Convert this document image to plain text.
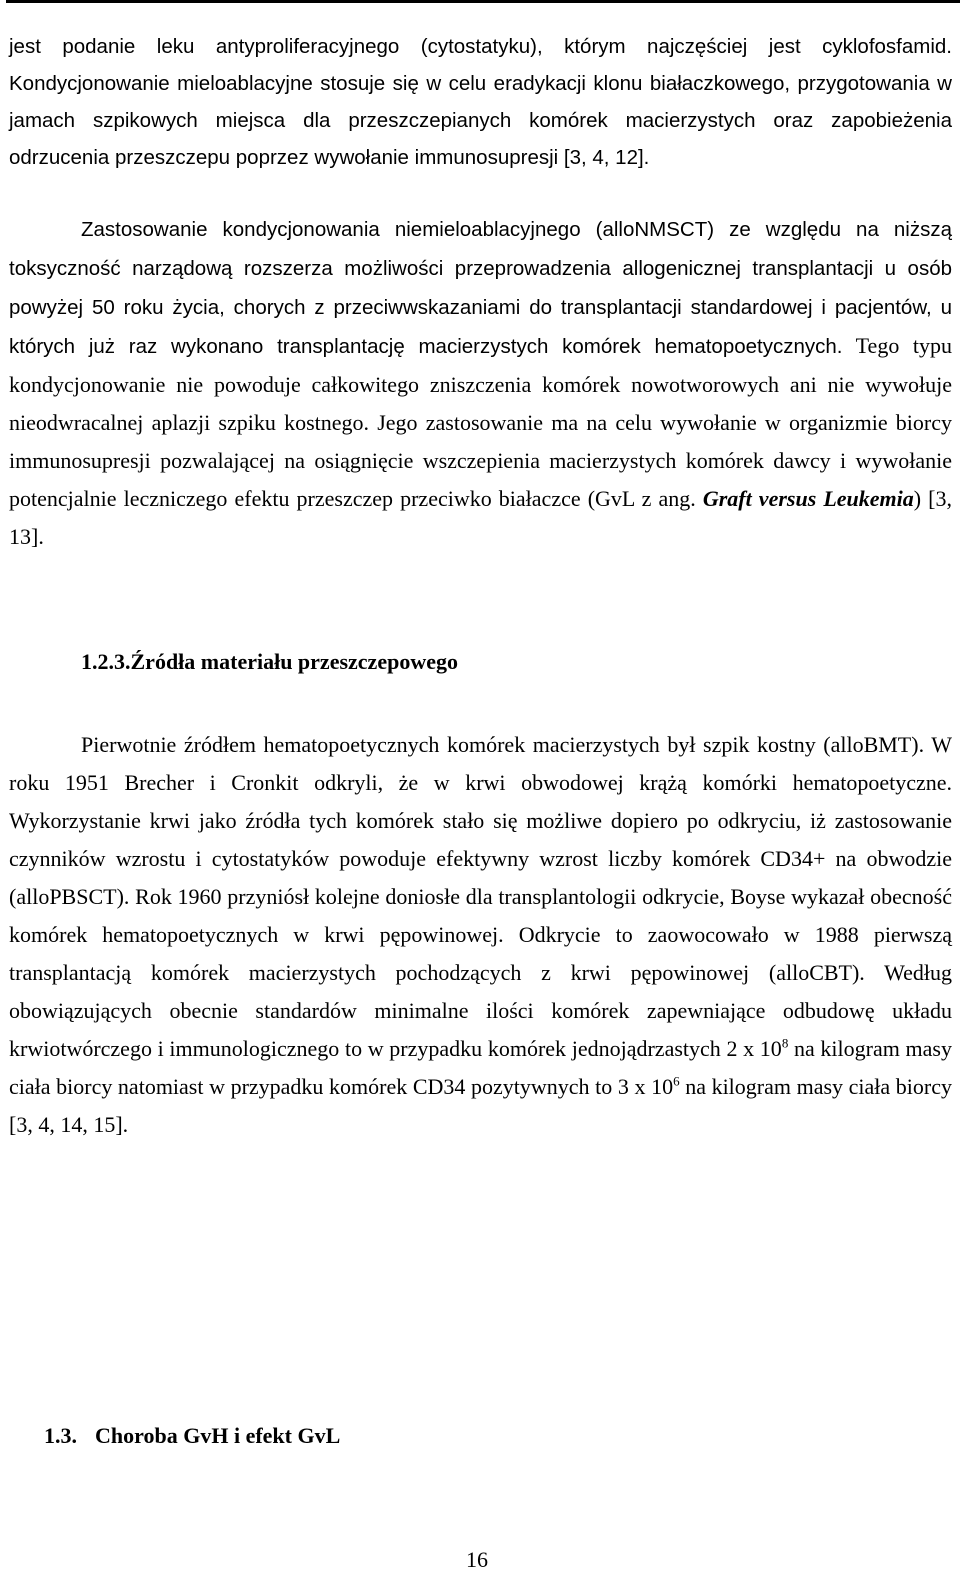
jest podanie leku antyproliferacyjnego (cytostatyku), którym najczęściej jest cyklofosfamid.

Kondycjonowanie mieloablacyjne stosuje się w celu eradykacji klonu białaczkowego, przygotowania w jamach szpikowych miejsca dla przeszczepianych komórek macierzystych oraz zapobieżenia odrzucenia przeszczepu poprzez wywołanie immunosupresji [3, 4, 12].

Zastosowanie kondycjonowania niemieloablacyjnego (alloNMSCT) ze względu na niższą toksyczność narządową rozszerza możliwości przeprowadzenia allogenicznej transplantacji u osób powyżej 50 roku życia, chorych z przeciwwskazaniami do transplantacji standardowej i pacjentów, u których już raz wykonano transplantację macierzystych komórek hematopoetycznych. Tego typu kondycjonowanie nie powoduje całkowitego zniszczenia komórek nowotworowych ani nie wywołuje nieodwracalnej aplazji szpiku kostnego. Jego zastosowanie ma na celu wywołanie w organizmie biorcy immunosupresji pozwalającej na osiągnięcie wszczepienia macierzystych komórek dawcy i wywołanie potencjalnie leczniczego efektu przeszczep przeciwko białaczce (GvL z ang. Graft versus Leukemia) [3, 13].

1.2.3.Źródła materiału przeszczepowego

Pierwotnie źródłem hematopoetycznych komórek macierzystych był szpik kostny (alloBMT). W roku 1951 Brecher i Cronkit odkryli, że w krwi obwodowej krążą komórki hematopoetyczne. Wykorzystanie krwi jako źródła tych komórek stało się możliwe dopiero po odkryciu, iż zastosowanie czynników wzrostu i cytostatyków powoduje efektywny wzrost liczby komórek CD34+ na obwodzie (alloPBSCT). Rok 1960 przyniósł kolejne doniosłe dla transplantologii odkrycie, Boyse wykazał obecność komórek hematopoetycznych w krwi pępowinowej. Odkrycie to zaowocowało w 1988 pierwszą transplantacją komórek macierzystych pochodzących z krwi pępowinowej (alloCBT). Według obowiązujących obecnie standardów minimalne ilości komórek zapewniające odbudowę układu krwiotwórczego i immunologicznego to w przypadku komórek jednojądrzastych 2 x $10^8$ na kilogram masy ciała biorcy natomiast w przypadku komórek CD34 pozytywnych to 3 x $10^6$ na kilogram masy ciała biorcy [3, 4, 14, 15].

1.3. Choroba GvH i efekt GvL
16
